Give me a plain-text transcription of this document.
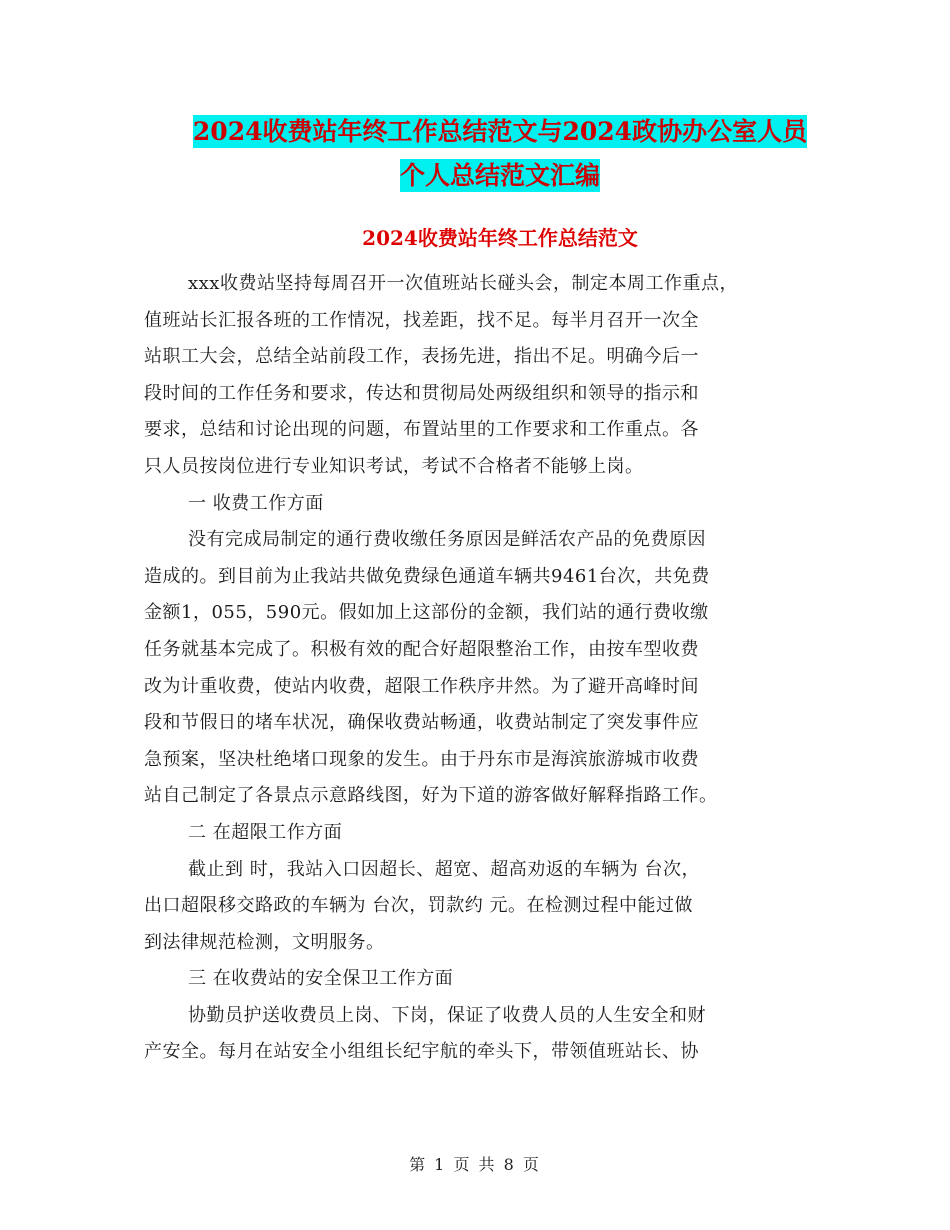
2024收费站年终工作总结范文与2024政协办公室人员
个人总结范文汇编
2024收费站年终工作总结范文
xxx收费站坚持每周召开一次值班站长碰头会，制定本周工作重点，
值班站长汇报各班的工作情况，找差距，找不足。每半月召开一次全
站职工大会，总结全站前段工作，表扬先进，指出不足。明确今后一
段时间的工作任务和要求，传达和贯彻局处两级组织和领导的指示和
要求，总结和讨论出现的问题，布置站里的工作要求和工作重点。各
只人员按岗位进行专业知识考试，考试不合格者不能够上岗。
一 收费工作方面
没有完成局制定的通行费收缴任务原因是鲜活农产品的免费原因
造成的。到目前为止我站共做免费绿色通道车辆共9461台次，共免费
金额1，055，590元。假如加上这部份的金额，我们站的通行费收缴
任务就基本完成了。积极有效的配合好超限整治工作，由按车型收费
改为计重收费，使站内收费，超限工作秩序井然。为了避开高峰时间
段和节假日的堵车状况，确保收费站畅通，收费站制定了突发事件应
急预案，坚决杜绝堵口现象的发生。由于丹东市是海滨旅游城市收费
站自己制定了各景点示意路线图，好为下道的游客做好解释指路工作。
二 在超限工作方面
截止到 时，我站入口因超长、超宽、超高劝返的车辆为 台次，
出口超限移交路政的车辆为 台次，罚款约 元。在检测过程中能过做
到法律规范检测，文明服务。
三 在收费站的安全保卫工作方面
协勤员护送收费员上岗、下岗，保证了收费人员的人生安全和财
产安全。每月在站安全小组组长纪宇航的牵头下，带领值班站长、协
第 1 页 共 8 页
